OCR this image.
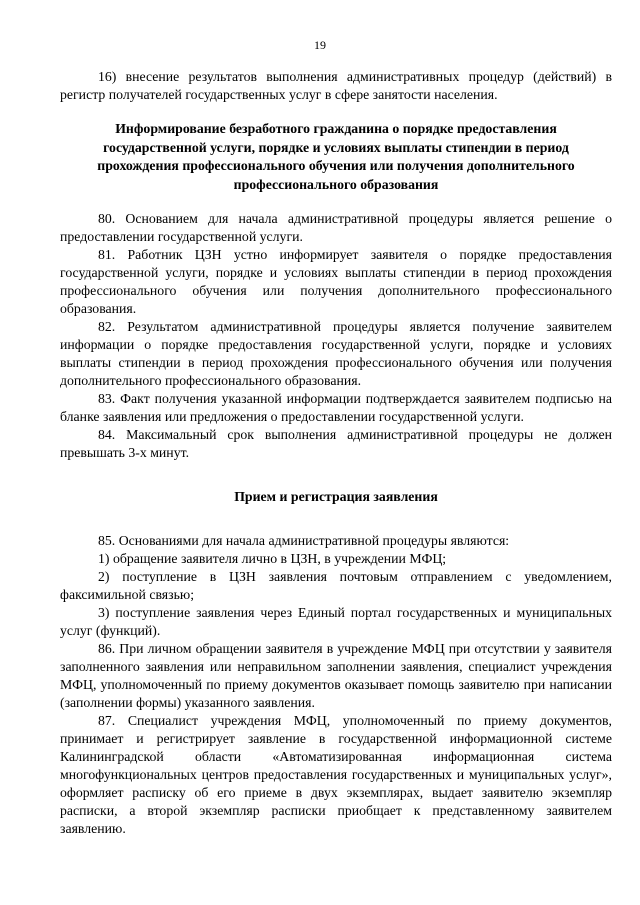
19

16) внесение результатов выполнения административных процедур (действий) в регистр получателей государственных услуг в сфере занятости населения.

Информирование безработного гражданина о порядке предоставления государственной услуги, порядке и условиях выплаты стипендии в период прохождения профессионального обучения или получения дополнительного профессионального образования

80. Основанием для начала административной процедуры является решение о предоставлении государственной услуги.

81. Работник ЦЗН устно информирует заявителя о порядке предоставления государственной услуги, порядке и условиях выплаты стипендии в период прохождения профессионального обучения или получения дополнительного профессионального образования.

82. Результатом административной процедуры является получение заявителем информации о порядке предоставления государственной услуги, порядке и условиях выплаты стипендии в период прохождения профессионального обучения или получения дополнительного профессионального образования.

83. Факт получения указанной информации подтверждается заявителем подписью на бланке заявления или предложения о предоставлении государственной услуги.

84. Максимальный срок выполнения административной процедуры не должен превышать 3-х минут.

Прием и регистрация заявления

85. Основаниями для начала административной процедуры являются:

1) обращение заявителя лично в ЦЗН, в учреждении МФЦ;

2) поступление в ЦЗН заявления почтовым отправлением с уведомлением, факсимильной связью;

3) поступление заявления через Единый портал государственных и муниципальных услуг (функций).

86. При личном обращении заявителя в учреждение МФЦ при отсутствии у заявителя заполненного заявления или неправильном заполнении заявления, специалист учреждения МФЦ, уполномоченный по приему документов оказывает помощь заявителю при написании (заполнении формы) указанного заявления.

87. Специалист учреждения МФЦ, уполномоченный по приему документов, принимает и регистрирует заявление в государственной информационной системе Калининградской области «Автоматизированная информационная система многофункциональных центров предоставления государственных и муниципальных услуг», оформляет расписку об его приеме в двух экземплярах, выдает заявителю экземпляр расписки, а второй экземпляр расписки приобщает к представленному заявителем заявлению.
